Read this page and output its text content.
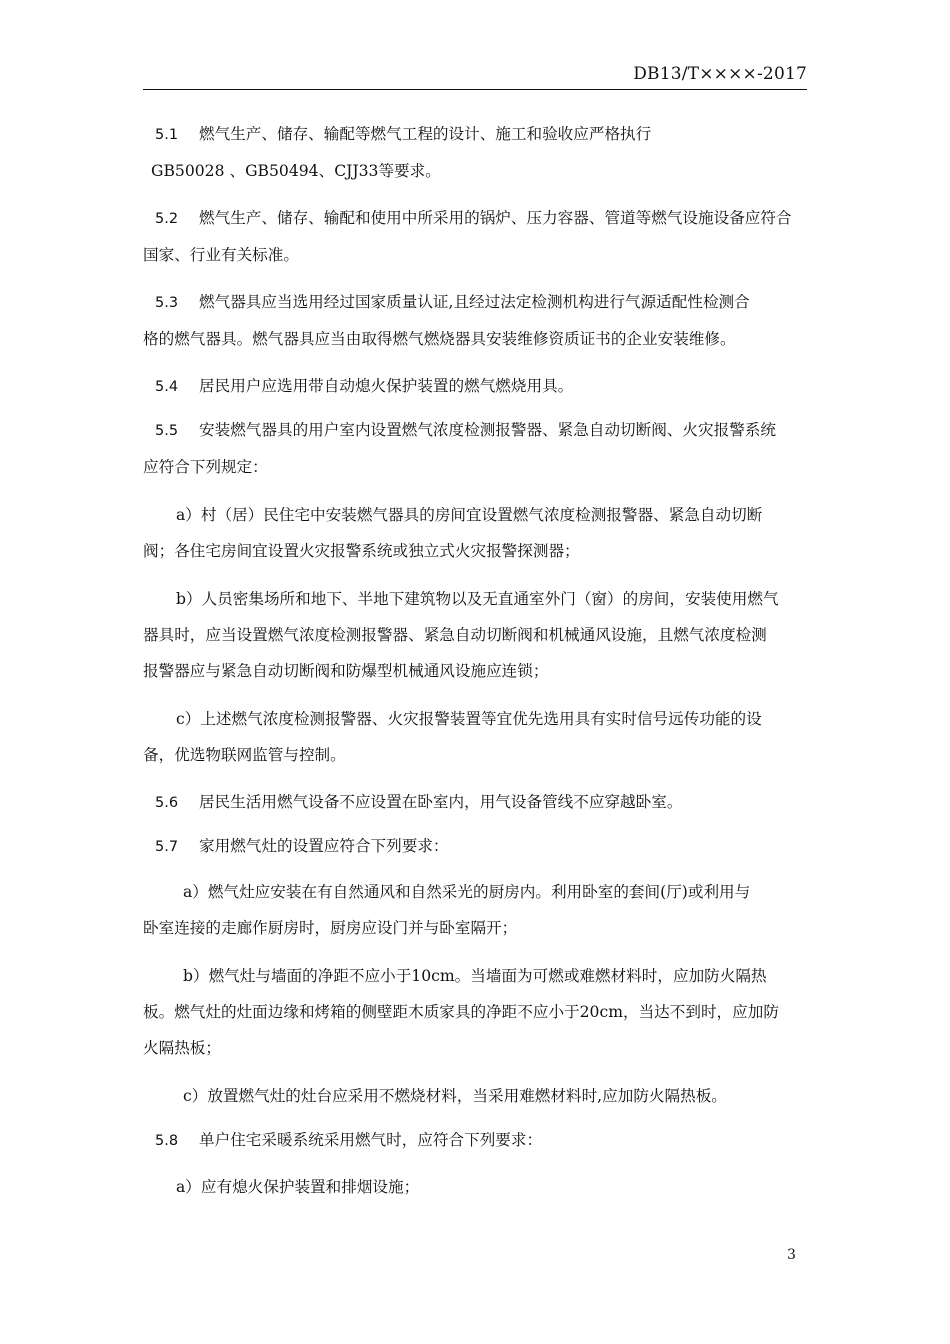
DB13/T××××-2017
5.1 燃气生产、储存、输配等燃气工程的设计、施工和验收应严格执行
GB50028 、GB50494、CJJ33等要求。
5.2 燃气生产、储存、输配和使用中所采用的锅炉、压力容器、管道等燃气设施设备应符合
国家、行业有关标准。
5.3 燃气器具应当选用经过国家质量认证,且经过法定检测机构进行气源适配性检测合
格的燃气器具。燃气器具应当由取得燃气燃烧器具安装维修资质证书的企业安装维修。
5.4 居民用户应选用带自动熄火保护装置的燃气燃烧用具。
5.5 安装燃气器具的用户室内设置燃气浓度检测报警器、紧急自动切断阀、火灾报警系统
应符合下列规定：
a）村（居）民住宅中安装燃气器具的房间宜设置燃气浓度检测报警器、紧急自动切断
阀；各住宅房间宜设置火灾报警系统或独立式火灾报警探测器；
b）人员密集场所和地下、半地下建筑物以及无直通室外门（窗）的房间，安装使用燃气
器具时，应当设置燃气浓度检测报警器、紧急自动切断阀和机械通风设施，且燃气浓度检测
报警器应与紧急自动切断阀和防爆型机械通风设施应连锁；
c）上述燃气浓度检测报警器、火灾报警装置等宜优先选用具有实时信号远传功能的设
备，优选物联网监管与控制。
5.6 居民生活用燃气设备不应设置在卧室内，用气设备管线不应穿越卧室。
5.7 家用燃气灶的设置应符合下列要求：
a）燃气灶应安装在有自然通风和自然采光的厨房内。利用卧室的套间(厅)或利用与
卧室连接的走廊作厨房时，厨房应设门并与卧室隔开；
b）燃气灶与墙面的净距不应小于10cm。当墙面为可燃或难燃材料时，应加防火隔热
板。燃气灶的灶面边缘和烤箱的侧壁距木质家具的净距不应小于20cm，当达不到时，应加防
火隔热板；
c）放置燃气灶的灶台应采用不燃烧材料，当采用难燃材料时,应加防火隔热板。
5.8 单户住宅采暖系统采用燃气时，应符合下列要求：
a）应有熄火保护装置和排烟设施；
3
